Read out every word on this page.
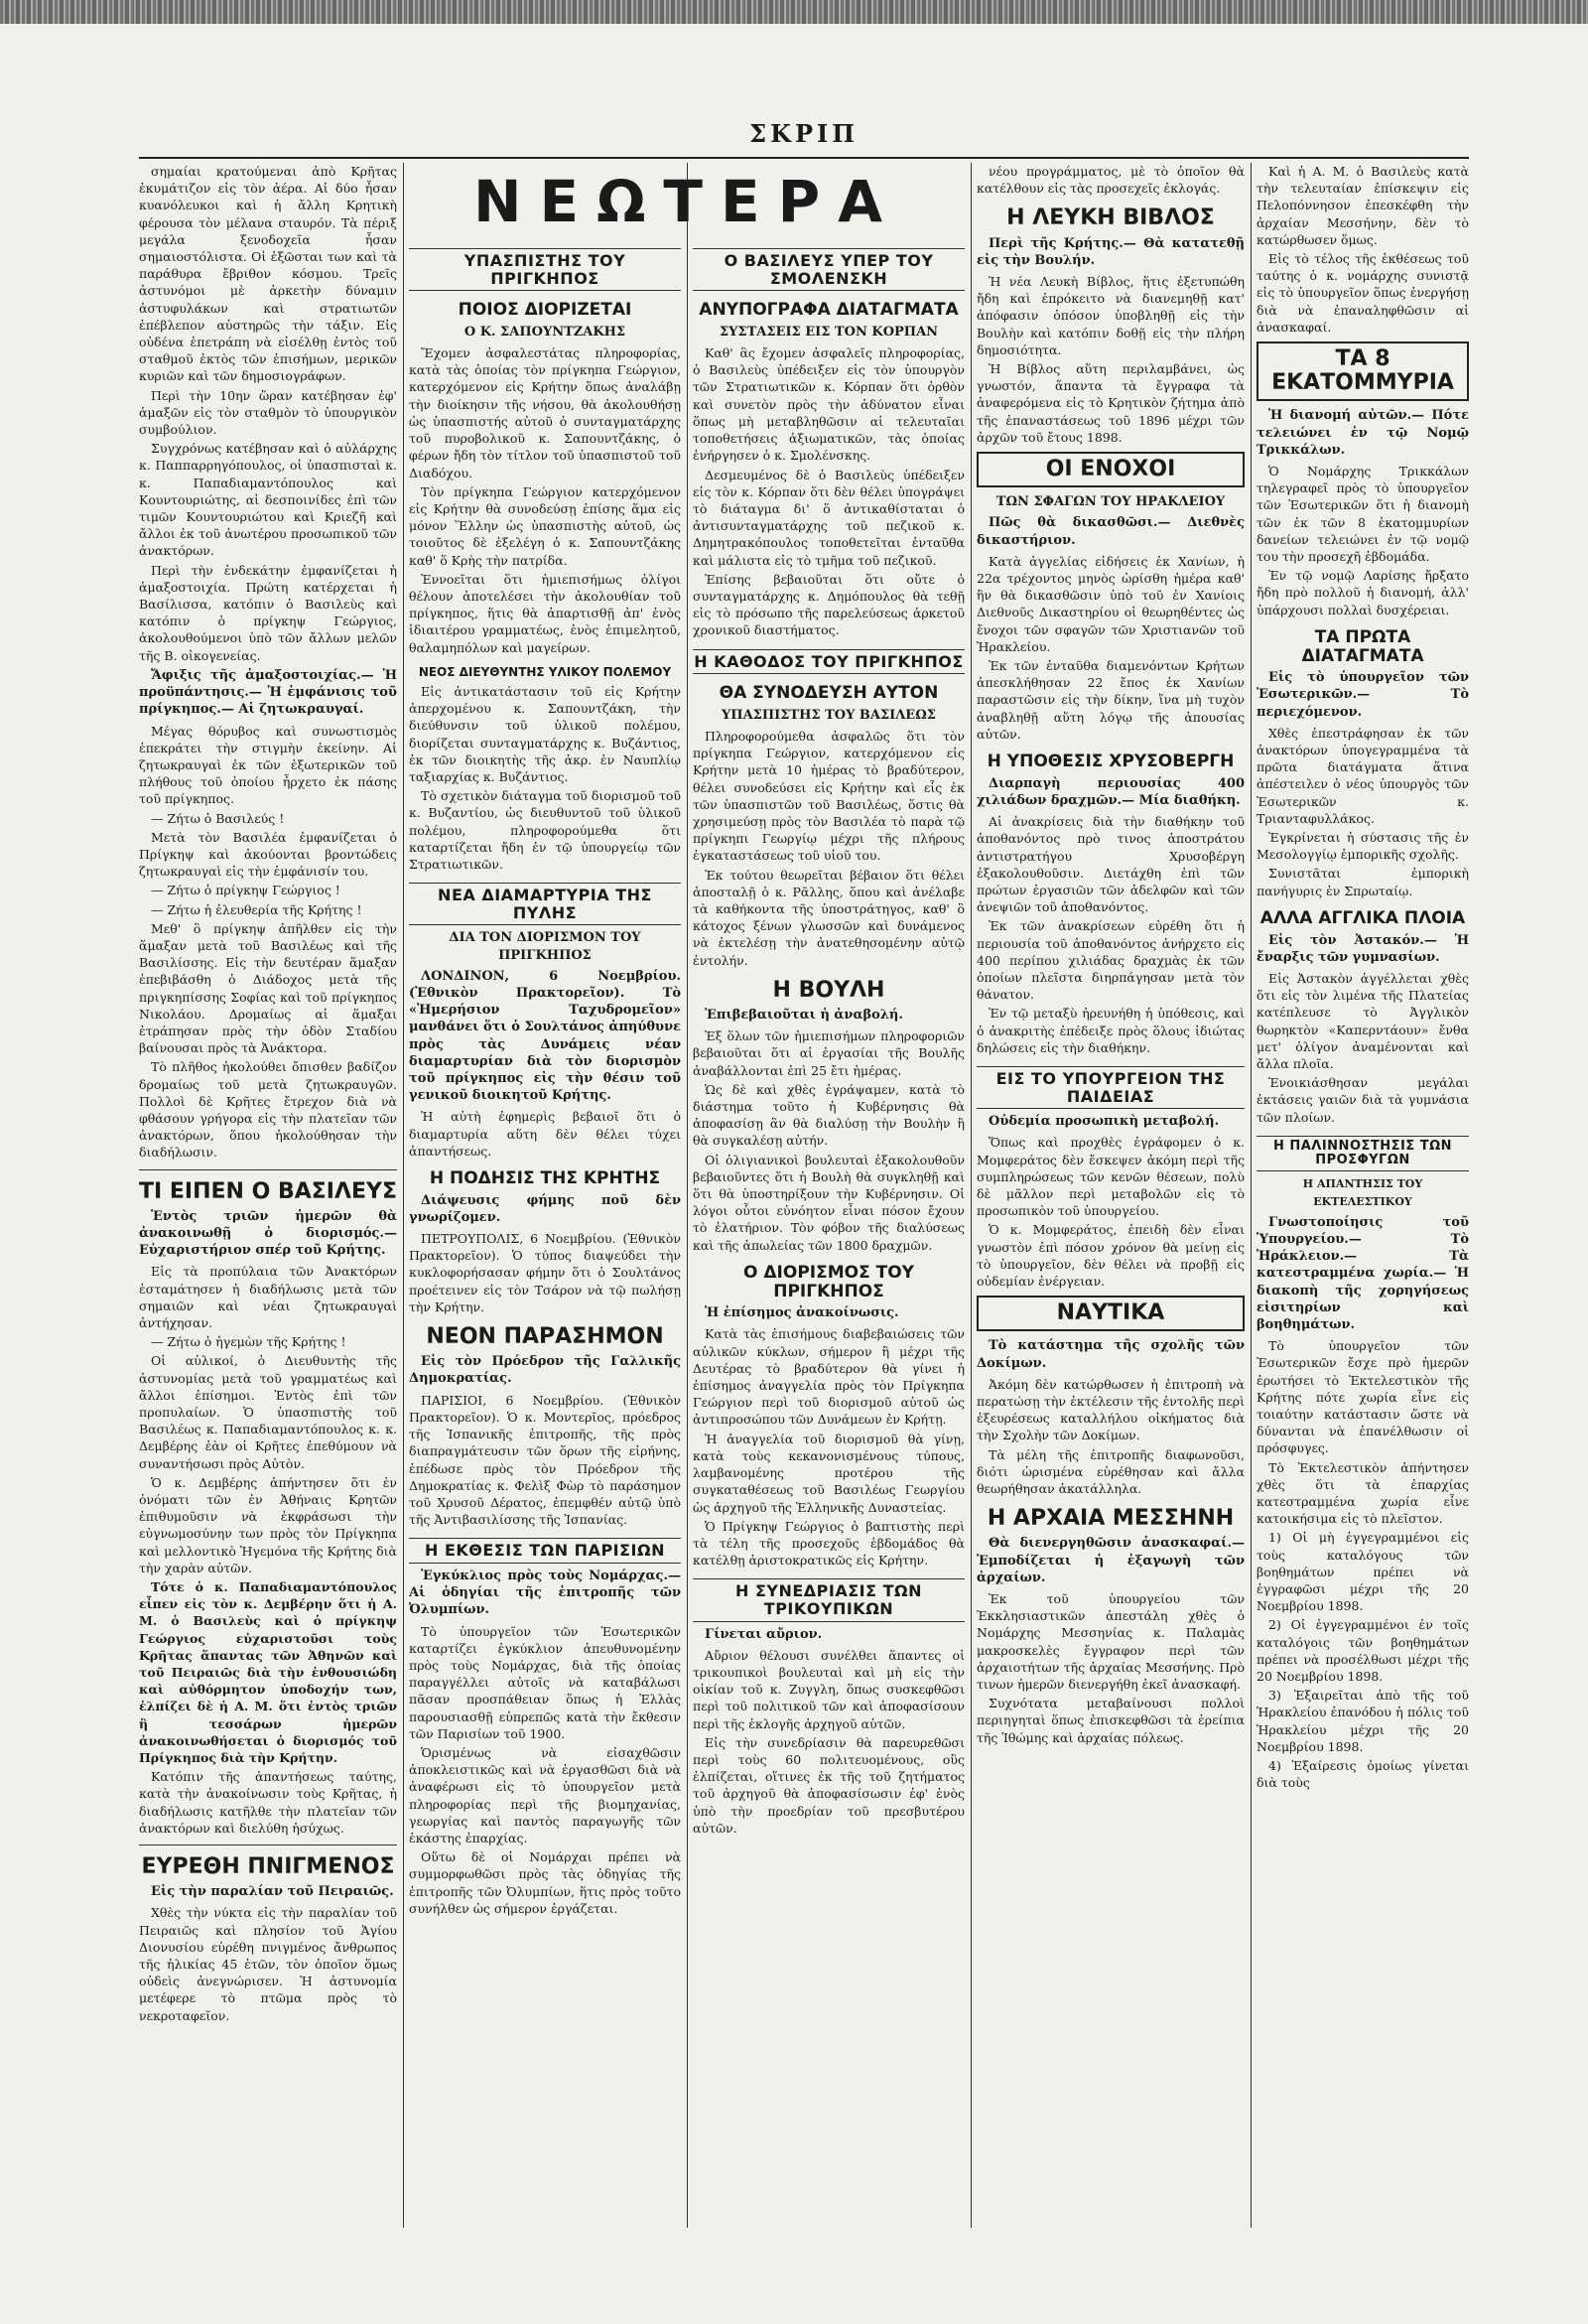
ΣΚΡΙΠ

σημαίαι κρατούμεναι ἀπὸ Κρῆτας ἐκυμάτιζον εἰς τὸν ἀέρα. Αἱ δύο ἦσαν κυανόλευκοι καὶ ἡ ἄλλη Κρητικὴ φέρουσα τὸν μέλανα σταυρόν. Τὰ πέριξ μεγάλα ξενοδοχεῖα ἦσαν σημαιοστόλιστα. Οἱ ἐξῶσται των καὶ τὰ παράθυρα ἔβριθον κόσμου. Τρεῖς ἀστυνόμοι μὲ ἀρκετὴν δύναμιν ἀστυφυλάκων καὶ στρατιωτῶν ἐπέβλεπον αὐστηρῶς τὴν τάξιν. Εἰς οὐδένα ἐπετράπη νὰ εἰσέλθῃ ἐντὸς τοῦ σταθμοῦ ἐκτὸς τῶν ἐπισήμων, μερικῶν κυριῶν καὶ τῶν δημοσιογράφων.

Περὶ τὴν 10ην ὥραν κατέβησαν ἐφ' ἁμαξῶν εἰς τὸν σταθμὸν τὸ ὑπουργικὸν συμβούλιον.

Συγχρόνως κατέβησαν καὶ ὁ αὐλάρχης κ. Παππαρρηγόπουλος, οἱ ὑπασπισταὶ κ. κ. Παπαδιαμαντόπουλος καὶ Κουντουριώτης, αἱ δεσποινίδες ἐπὶ τῶν τιμῶν Κουντουριώτου καὶ Κριεζῆ καὶ ἄλλοι ἐκ τοῦ ἀνωτέρου προσωπικοῦ τῶν ἀνακτόρων.

Περὶ τὴν ἐνδεκάτην ἐμφανίζεται ἡ ἁμαξοστοιχία. Πρώτη κατέρχεται ἡ Βασίλισσα, κατόπιν ὁ Βασιλεὺς καὶ κατόπιν ὁ πρίγκηψ Γεώργιος, ἀκολουθούμενοι ὑπὸ τῶν ἄλλων μελῶν τῆς Β. οἰκογενείας.

Ἄφιξις τῆς ἁμαξοστοιχίας.— Ἡ προϋπάντησις.— Ἡ ἐμφάνισις τοῦ πρίγκηπος.— Αἱ ζητωκραυγαί.

Μέγας θόρυβος καὶ συνωστισμὸς ἐπεκράτει τὴν στιγμὴν ἐκείνην. Αἱ ζητωκραυγαὶ ἐκ τῶν ἐξωτερικῶν τοῦ πλήθους τοῦ ὁποίου ἦρχετο ἐκ πάσης τοῦ πρίγκηπος.

— Ζήτω ὁ Βασιλεύς !

Μετὰ τὸν Βασιλέα ἐμφανίζεται ὁ Πρίγκηψ καὶ ἀκούονται βροντώδεις ζητωκραυγαὶ εἰς τὴν ἐμφάνισίν του.

— Ζήτω ὁ πρίγκηψ Γεώργιος !

— Ζήτω ἡ ἐλευθερία τῆς Κρήτης !

Μεθ' ὃ πρίγκηψ ἀπῆλθεν εἰς τὴν ἅμαξαν μετὰ τοῦ Βασιλέως καὶ τῆς Βασιλίσσης. Εἰς τὴν δευτέραν ἅμαξαν ἐπεβιβάσθη ὁ Διάδοχος μετὰ τῆς πριγκηπίσσης Σοφίας καὶ τοῦ πρίγκηπος Νικολάου. Δρομαίως αἱ ἅμαξαι ἐτράπησαν πρὸς τὴν ὁδὸν Σταδίου βαίνουσαι πρὸς τὰ Ἀνάκτορα.

Τὸ πλῆθος ἠκολούθει ὄπισθεν βαδίζον δρομαίως τοῦ μετὰ ζητωκραυγῶν. Πολλοὶ δὲ Κρῆτες ἔτρεχον διὰ νὰ φθάσουν γρήγορα εἰς τὴν πλατεῖαν τῶν ἀνακτόρων, ὅπου ἠκολούθησαν τὴν διαδήλωσιν.

ΤΙ ΕΙΠΕΝ Ο ΒΑΣΙΛΕΥΣ
Ἐντὸς τριῶν ἡμερῶν θὰ ἀνακοινωθῇ ὁ διορισμός.— Εὐχαριστήριον σπέρ τοῦ Κρήτης.

Εἰς τὰ προπύλαια τῶν Ἀνακτόρων ἐσταμάτησεν ἡ διαδήλωσις μετὰ τῶν σημαιῶν καὶ νέαι ζητωκραυγαὶ ἀντήχησαν.

— Ζήτω ὁ ἡγεμὼν τῆς Κρήτης !

Οἱ αὐλικοί, ὁ Διευθυντὴς τῆς ἀστυνομίας μετὰ τοῦ γραμματέως καὶ ἄλλοι ἐπίσημοι. Ἐντὸς ἐπὶ τῶν προπυλαίων. Ὁ ὑπασπιστὴς τοῦ Βασιλέως κ. Παπαδιαμαντόπουλος κ. κ. Δεμβέρης ἐὰν οἱ Κρῆτες ἐπεθύμουν νὰ συναντήσωσι πρὸς Αὐτὸν.

Ὁ κ. Δεμβέρης ἀπήντησεν ὅτι ἐν ὀνόματι τῶν ἐν Ἀθήναις Κρητῶν ἐπιθυμοῦσιν νὰ ἐκφράσωσι τὴν εὐγνωμοσύνην των πρὸς τὸν Πρίγκηπα καὶ μελλοντικὸ Ἡγεμόνα τῆς Κρήτης διὰ τὴν χαρὰν αὐτῶν.

Τότε ὁ κ. Παπαδιαμαντόπουλος εἶπεν εἰς τὸν κ. Δεμβέρην ὅτι ἡ Α. Μ. ὁ Βασιλεὺς καὶ ὁ πρίγκηψ Γεώργιος εὐχαριστοῦσι τοὺς Κρῆτας ἅπαντας τῶν Ἀθηνῶν καὶ τοῦ Πειραιῶς διὰ τὴν ἐνθουσιώδη καὶ αὐθόρμητον ὑποδοχήν των, ἐλπίζει δὲ ἡ Α. Μ. ὅτι ἐντὸς τριῶν ἢ τεσσάρων ἡμερῶν ἀνακοινωθήσεται ὁ διορισμός τοῦ Πρίγκηπος διὰ τὴν Κρήτην.

Κατόπιν τῆς ἀπαντήσεως ταύτης, κατὰ τὴν ἀνακοίνωσιν τοὺς Κρῆτας, ἡ διαδήλωσις κατῆλθε τὴν πλατεῖαν τῶν ἀνακτόρων καὶ διελύθη ἡσύχως.

ΕΥΡΕΘΗ ΠΝΙΓΜΕΝΟΣ
Εἰς τὴν παραλίαν τοῦ Πειραιῶς.

Χθὲς τὴν νύκτα εἰς τὴν παραλίαν τοῦ Πειραιῶς καὶ πλησίον τοῦ Ἁγίου Διονυσίου εὑρέθη πνιγμένος ἄνθρωπος τῆς ἡλικίας 45 ἐτῶν, τὸν ὁποῖον ὅμως οὐδεὶς ἀνεγνώρισεν. Ἡ ἀστυνομία μετέφερε τὸ πτῶμα πρὸς τὸ νεκροταφεῖον.

ΝΕΩΤΕΡΑ
ΥΠΑΣΠΙΣΤΗΣ ΤΟΥ ΠΡΙΓΚΗΠΟΣ
ΠΟΙΟΣ ΔΙΟΡΙΖΕΤΑΙ
Ο Κ. ΣΑΠΟΥΝΤΖΑΚΗΣ

Ἔχομεν ἀσφαλεστάτας πληροφορίας, κατὰ τὰς ὁποίας τὸν πρίγκηπα Γεώργιον, κατερχόμενον εἰς Κρήτην ὅπως ἀναλάβῃ τὴν διοίκησιν τῆς νήσου, θὰ ἀκολουθήσῃ ὡς ὑπασπιστής αὐτοῦ ὁ συνταγματάρχης τοῦ πυροβολικοῦ κ. Σαπουντζάκης, ὁ φέρων ἤδη τὸν τίτλον τοῦ ὑπασπιστοῦ τοῦ Διαδόχου.

Τὸν πρίγκηπα Γεώργιον κατερχόμενον εἰς Κρήτην θὰ συνοδεύσῃ ἐπίσης ἅμα εἰς μόνον Ἕλλην ὡς ὑπασπιστὴς αὐτοῦ, ὡς τοιοῦτος δὲ ἐξελέγη ὁ κ. Σαπουντζάκης καθ' ὅ Κρὴς τὴν πατρίδα.

Ἐννοεῖται ὅτι ἡμιεπισήμως ὀλίγοι θέλουν ἀποτελέσει τὴν ἀκολουθίαν τοῦ πρίγκηπος, ἥτις θὰ ἀπαρτισθῇ ἀπ' ἑνὸς ἰδιαιτέρου γραμματέως, ἑνὸς ἐπιμελητοῦ, θαλαμηπόλων καὶ μαγείρων.

ΝΕΟΣ ΔΙΕΥΘΥΝΤΗΣ ΥΛΙΚΟΥ ΠΟΛΕΜΟΥ

Εἰς ἀντικατάστασιν τοῦ εἰς Κρήτην ἀπερχομένου κ. Σαπουντζάκη, τὴν διεύθυνσιν τοῦ ὑλικοῦ πολέμου, διορίζεται συνταγματάρχης κ. Βυζάντιος, ἐκ τῶν διοικητὴς τῆς ἀκρ. ἐν Ναυπλίῳ ταξιαρχίας κ. Βυζάντιος.

Τὸ σχετικὸν διάταγμα τοῦ διορισμοῦ τοῦ κ. Βυζαντίου, ὡς διευθυντοῦ τοῦ ὑλικοῦ πολέμου, πληροφορούμεθα ὅτι καταρτίζεται ἤδη ἐν τῷ ὑπουργείῳ τῶν Στρατιωτικῶν.

ΝΕΑ ΔΙΑΜΑΡΤΥΡΙΑ ΤΗΣ ΠΥΛΗΣ
ΔΙΑ ΤΟΝ ΔΙΟΡΙΣΜΟΝ ΤΟΥ ΠΡΙΓΚΗΠΟΣ

ΛΟΝΔΙΝΟΝ, 6 Νοεμβρίου. (Ἐθνικὸν Πρακτορεῖον). Τὸ «Ἡμερήσιον Ταχυδρομεῖον» μανθάνει ὅτι ὁ Σουλτάνος ἀπηύθυνε πρὸς τὰς Δυνάμεις νέαν διαμαρτυρίαν διὰ τὸν διορισμὸν τοῦ πρίγκηπος εἰς τὴν θέσιν τοῦ γενικοῦ διοικητοῦ Κρήτης.

Ἡ αὐτὴ ἐφημερὶς βεβαιοῖ ὅτι ὁ διαμαρτυρία αὕτη δὲν θέλει τύχει ἀπαντήσεως.

Η ΠΟΔΗΣΙΣ ΤΗΣ ΚΡΗΤΗΣ
Διάψευσις φήμης ποῦ δὲν γνωρίζομεν.

ΠΕΤΡΟΥΠΟΛΙΣ, 6 Νοεμβρίου. (Ἐθνικὸν Πρακτορεῖον). Ὁ τύπος διαψεύδει τὴν κυκλοφορήσασαν φήμην ὅτι ὁ Σουλτάνος προέτεινεν εἰς τὸν Τσάρον νὰ τῷ πωλήσῃ τὴν Κρήτην.

ΝΕΟΝ ΠΑΡΑΣΗΜΟΝ
Εἰς τὸν Πρόεδρον τῆς Γαλλικῆς Δημοκρατίας.

ΠΑΡΙΣΙΟΙ, 6 Νοεμβρίου. (Ἐθνικὸν Πρακτορεῖον). Ὁ κ. Μοντερῖος, πρόεδρος τῆς Ἱσπανικῆς ἐπιτροπῆς, τῆς πρὸς διαπραγμάτευσιν τῶν ὅρων τῆς εἰρήνης, ἐπέδωσε πρὸς τὸν Πρόεδρον τῆς Δημοκρατίας κ. Φελὶξ Φὼρ τὸ παράσημον τοῦ Χρυσοῦ Δέρατος, ἐπεμφθέν αὐτῷ ὑπὸ τῆς Ἀντιβασιλίσσης τῆς Ἱσπανίας.

Η ΕΚΘΕΣΙΣ ΤΩΝ ΠΑΡΙΣΙΩΝ
Ἐγκύκλιος πρὸς τοὺς Νομάρχας.— Αἱ ὁδηγίαι τῆς ἐπιτροπῆς τῶν Ὀλυμπίων.

Τὸ ὑπουργεῖον τῶν Ἐσωτερικῶν καταρτίζει ἐγκύκλιον ἀπευθυνομένην πρὸς τοὺς Νομάρχας, διὰ τῆς ὁποίας παραγγέλλει αὐτοῖς νὰ καταβάλωσι πᾶσαν προσπάθειαν ὅπως ἡ Ἑλλὰς παρουσιασθῇ εὐπρεπῶς κατὰ τὴν ἔκθεσιν τῶν Παρισίων τοῦ 1900.

Ὁρισμένως νὰ εἰσαχθῶσιν ἀποκλειστικῶς καὶ νὰ ἐργασθῶσι διὰ νὰ ἀναφέρωσι εἰς τὸ ὑπουργεῖον μετὰ πληροφορίας περὶ τῆς βιομηχανίας, γεωργίας καὶ παντὸς παραγωγῆς τῶν ἑκάστης ἐπαρχίας.

Οὕτω δὲ οἱ Νομάρχαι πρέπει νὰ συμμορφωθῶσι πρὸς τὰς ὁδηγίας τῆς ἐπιτροπῆς τῶν Ὀλυμπίων, ἥτις πρὸς τοῦτο συνήλθεν ὡς σήμερον ἐργάζεται.

Ο ΒΑΣΙΛΕΥΣ ΥΠΕΡ ΤΟΥ ΣΜΟΛΕΝΣΚΗ
ΑΝΥΠΟΓΡΑΦΑ ΔΙΑΤΑΓΜΑΤΑ
ΣΥΣΤΑΣΕΙΣ ΕΙΣ ΤΟΝ ΚΟΡΠΑΝ

Καθ' ἃς ἔχομεν ἀσφαλεῖς πληροφορίας, ὁ Βασιλεὺς ὑπέδειξεν εἰς τὸν ὑπουργὸν τῶν Στρατιωτικῶν κ. Κόρπαν ὅτι ὀρθὸν καὶ συνετὸν πρὸς τὴν ἀδύνατον εἶναι ὅπως μὴ μεταβληθῶσιν αἱ τελευταῖαι τοποθετήσεις ἀξιωματικῶν, τὰς ὁποίας ἐνήργησεν ὁ κ. Σμολένσκης.

Δεσμευμένος δὲ ὁ Βασιλεὺς ὑπέδειξεν εἰς τὸν κ. Κόρπαν ὅτι δὲν θέλει ὑπογράψει τὸ διάταγμα δι' ὅ ἀντικαθίσταται ὁ ἀντισυνταγματάρχης τοῦ πεζικοῦ κ. Δημητρακόπουλος τοποθετεῖται ἐνταῦθα καὶ μάλιστα εἰς τὸ τμῆμα τοῦ πεζικοῦ.

Ἐπίσης βεβαιοῦται ὅτι οὔτε ὁ συνταγματάρχης κ. Δημόπουλος θὰ τεθῇ εἰς τὸ πρόσωπο τῆς παρελεύσεως ἀρκετοῦ χρονικοῦ διαστήματος.

Η ΚΑΘΟΔΟΣ ΤΟΥ ΠΡΙΓΚΗΠΟΣ
ΘΑ ΣΥΝΟΔΕΥΣΗ ΑΥΤΟΝ
ΥΠΑΣΠΙΣΤΗΣ ΤΟΥ ΒΑΣΙΛΕΩΣ

Πληροφορούμεθα ἀσφαλῶς ὅτι τὸν πρίγκηπα Γεώργιον, κατερχόμενον εἰς Κρήτην μετὰ 10 ἡμέρας τὸ βραδύτερον, θέλει συνοδεύσει εἰς Κρήτην καὶ εἷς ἐκ τῶν ὑπασπιστῶν τοῦ Βασιλέως, ὅστις θὰ χρησιμεύσῃ πρὸς τὸν Βασιλέα τὸ παρὰ τῷ πρίγκηπι Γεωργίῳ μέχρι τῆς πλήρους ἐγκαταστάσεως τοῦ υἱοῦ του.

Ἐκ τούτου θεωρεῖται βέβαιον ὅτι θέλει ἀποσταλῇ ὁ κ. Ρᾶλλης, ὅπου καὶ ἀνέλαβε τὰ καθήκοντα τῆς ὑποστράτηγος, καθ' ὃ κάτοχος ξένων γλωσσῶν καὶ δυνάμενος νὰ ἐκτελέσῃ τὴν ἀνατεθησομένην αὐτῷ ἐντολήν.

Η ΒΟΥΛΗ
Ἐπιβεβαιοῦται ἡ ἀναβολή.

Ἐξ ὅλων τῶν ἡμιεπισήμων πληροφοριῶν βεβαιοῦται ὅτι αἱ ἐργασίαι τῆς Βουλῆς ἀναβάλλονται ἐπὶ 25 ἔτι ἡμέρας.

Ὡς δὲ καὶ χθὲς ἐγράψαμεν, κατὰ τὸ διάστημα τοῦτο ἡ Κυβέρνησις θὰ ἀποφασίσῃ ἂν θὰ διαλύσῃ τὴν Βουλὴν ἢ θὰ συγκαλέσῃ αὐτήν.

Οἱ ὀλιγιανικοὶ βουλευταὶ ἐξακολουθοῦν βεβαιοῦντες ὅτι ἡ Βουλὴ θὰ συγκληθῇ καὶ ὅτι θὰ ὑποστηρίξουν τὴν Κυβέρνησιν. Οἱ λόγοι οὗτοι εὐνόητον εἶναι πόσον ἔχουν τὸ ἐλατήριον. Τὸν φόβον τῆς διαλύσεως καὶ τῆς ἀπωλείας τῶν 1800 δραχμῶν.

Ο ΔΙΟΡΙΣΜΟΣ ΤΟΥ ΠΡΙΓΚΗΠΟΣ
Ἡ ἐπίσημος ἀνακοίνωσις.

Κατὰ τὰς ἐπισήμους διαβεβαιώσεις τῶν αὐλικῶν κύκλων, σήμερον ἢ μέχρι τῆς Δευτέρας τὸ βραδύτερον θὰ γίνει ἡ ἐπίσημος ἀναγγελία πρὸς τὸν Πρίγκηπα Γεώργιον περὶ τοῦ διορισμοῦ αὐτοῦ ὡς ἀντιπροσώπου τῶν Δυνάμεων ἐν Κρήτῃ.

Ἡ ἀναγγελία τοῦ διορισμοῦ θὰ γίνῃ, κατὰ τοὺς κεκανονισμένους τύπους, λαμβανομένης προτέρου τῆς συγκαταθέσεως τοῦ Βασιλέως Γεωργίου ὡς ἀρχηγοῦ τῆς Ἑλληνικῆς Δυναστείας.

Ὁ Πρίγκηψ Γεώργιος ὁ βαπτιστὴς περὶ τὰ τέλη τῆς προσεχοῦς ἑβδομάδος θὰ κατέλθῃ ἀριστοκρατικῶς εἰς Κρήτην.

Η ΣΥΝΕΔΡΙΑΣΙΣ ΤΩΝ ΤΡΙΚΟΥΠΙΚΩΝ
Γίνεται αὔριον.

Αὔριον θέλουσι συνέλθει ἅπαντες οἱ τρικουπικοὶ βουλευταὶ καὶ μὴ εἰς τὴν οἰκίαν τοῦ κ. Ζυγγλη, ὅπως συσκεφθῶσι περὶ τοῦ πολιτικοῦ τῶν καὶ ἀποφασίσουν περὶ τῆς ἐκλογῆς ἀρχηγοῦ αὐτῶν.

Εἰς τὴν συνεδρίασιν θὰ παρευρεθῶσι περὶ τοὺς 60 πολιτευομένους, οὓς ἐλπίζεται, οἵτινες ἐκ τῆς τοῦ ζητήματος τοῦ ἀρχηγοῦ θὰ ἀποφασίσωσιν ἐφ' ἑνὸς ὑπὸ τὴν προεδρίαν τοῦ πρεσβυτέρου αὐτῶν.

νέου προγράμματος, μὲ τὸ ὁποῖον θὰ κατέλθουν εἰς τὰς προσεχεῖς ἐκλογάς.

Η ΛΕΥΚΗ ΒΙΒΛΟΣ
Περὶ τῆς Κρήτης.— Θὰ κατατεθῇ εἰς τὴν Βουλήν.

Ἡ νέα Λευκὴ Βίβλος, ἥτις ἐξετυπώθη ἤδη καὶ ἐπρόκειτο νὰ διανεμηθῇ κατ' ἀπόφασιν ὁπόσον ὑποβληθῇ εἰς τὴν Βουλὴν καὶ κατόπιν δοθῇ εἰς τὴν πλήρη δημοσιότητα.

Ἡ Βίβλος αὕτη περιλαμβάνει, ὡς γνωστόν, ἅπαντα τὰ ἔγγραφα τὰ ἀναφερόμενα εἰς τὸ Κρητικὸν ζήτημα ἀπὸ τῆς ἐπαναστάσεως τοῦ 1896 μέχρι τῶν ἀρχῶν τοῦ ἔτους 1898.

ΟΙ ΕΝΟΧΟΙ
ΤΩΝ ΣΦΑΓΩΝ ΤΟΥ ΗΡΑΚΛΕΙΟΥ
Πῶς θὰ δικασθῶσι.— Διεθνὲς δικαστήριον.

Κατὰ ἀγγελίας εἰδήσεις ἐκ Χανίων, ἡ 22α τρέχοντος μηνὸς ὡρίσθη ἡμέρα καθ' ἣν θὰ δικασθῶσιν ὑπὸ τοῦ ἐν Χανίοις Διεθνοῦς Δικαστηρίου οἱ θεωρηθέντες ὡς ἔνοχοι τῶν σφαγῶν τῶν Χριστιανῶν τοῦ Ἡρακλείου.

Ἐκ τῶν ἐνταῦθα διαμενόντων Κρήτων ἀπεσκλήθησαν 22 ἔπος ἐκ Χανίων παραστῶσιν εἰς τὴν δίκην, ἵνα μὴ τυχὸν ἀναβληθῇ αὕτη λόγῳ τῆς ἀπουσίας αὐτῶν.

Η ΥΠΟΘΕΣΙΣ ΧΡΥΣΟΒΕΡΓΗ
Διαρπαγὴ περιουσίας 400 χιλιάδων δραχμῶν.— Μία διαθήκη.

Αἱ ἀνακρίσεις διὰ τὴν διαθήκην τοῦ ἀποθανόντος πρὸ τινος ἀποστράτου ἀντιστρατήγου Χρυσοβέργη ἐξακολουθοῦσιν. Διετάχθη ἐπὶ τῶν πρώτων ἐργασιῶν τῶν ἀδελφῶν καὶ τῶν ἀνεψιῶν τοῦ ἀποθανόντος.

Ἐκ τῶν ἀνακρίσεων εὑρέθη ὅτι ἡ περιουσία τοῦ ἀποθανόντος ἀνήρχετο εἰς 400 περίπου χιλιάδας δραχμὰς ἐκ τῶν ὁποίων πλεῖστα διηρπάγησαν μετὰ τὸν θάνατον.

Ἐν τῷ μεταξὺ ἠρευνήθη ἡ ὑπόθεσις, καὶ ὁ ἀνακριτὴς ἐπέδειξε πρὸς ὅλους ἰδιώτας δηλώσεις εἰς τὴν διαθήκην.

ΕΙΣ ΤΟ ΥΠΟΥΡΓΕΙΟΝ ΤΗΣ ΠΑΙΔΕΙΑΣ
Οὐδεμία προσωπικὴ μεταβολή.

Ὅπως καὶ προχθὲς ἐγράφομεν ὁ κ. Μομφεράτος δὲν ἔσκεψεν ἀκόμη περὶ τῆς συμπληρώσεως τῶν κενῶν θέσεων, πολὺ δὲ μᾶλλον περὶ μεταβολῶν εἰς τὸ προσωπικὸν τοῦ ὑπουργείου.

Ὁ κ. Μομφεράτος, ἐπειδὴ δὲν εἶναι γνωστὸν ἐπὶ πόσον χρόνον θὰ μείνῃ εἰς τὸ ὑπουργεῖον, δὲν θέλει νὰ προβῇ εἰς οὐδεμίαν ἐνέργειαν.

ΝΑΥΤΙΚΑ
Τὸ κατάστημα τῆς σχολῆς τῶν Δοκίμων.

Ἀκόμη δὲν κατώρθωσεν ἡ ἐπιτροπὴ νὰ περατώσῃ τὴν ἐκτέλεσιν τῆς ἐντολῆς περὶ ἐξευρέσεως καταλλήλου οἰκήματος διὰ τὴν Σχολὴν τῶν Δοκίμων.

Τὰ μέλη τῆς ἐπιτροπῆς διαφωνοῦσι, διότι ὡρισμένα εὑρέθησαν καὶ ἄλλα θεωρήθησαν ἀκατάλληλα.

Η ΑΡΧΑΙΑ ΜΕΣΣΗΝΗ
Θὰ διενεργηθῶσιν ἀνασκαφαί.— Ἐμποδίζεται ἡ ἐξαγωγὴ τῶν ἀρχαίων.

Ἐκ τοῦ ὑπουργείου τῶν Ἐκκλησιαστικῶν ἀπεστάλη χθὲς ὁ Νομάρχης Μεσσηνίας κ. Παλαμὰς μακροσκελὲς ἔγγραφον περὶ τῶν ἀρχαιοτήτων τῆς ἀρχαίας Μεσσήνης. Πρὸ τινων ἡμερῶν διενεργήθη ἐκεῖ ἀνασκαφή.

Συχνότατα μεταβαίνουσι πολλοὶ περιηγηταὶ ὅπως ἐπισκεφθῶσι τὰ ἐρείπια τῆς Ἰθώμης καὶ ἀρχαίας πόλεως.

Καὶ ἡ Α. Μ. ὁ Βασιλεὺς κατὰ τὴν τελευταίαν ἐπίσκεψιν εἰς Πελοπόννησον ἐπεσκέφθη τὴν ἀρχαίαν Μεσσήνην, δὲν τὸ κατώρθωσεν ὅμως.

Εἰς τὸ τέλος τῆς ἐκθέσεως τοῦ ταύτης ὁ κ. νομάρχης συνιστᾷ εἰς τὸ ὑπουργεῖον ὅπως ἐνεργήσῃ διὰ νὰ ἐπαναληφθῶσιν αἱ ἀνασκαφαί.

ΤΑ 8 ΕΚΑΤΟΜΜΥΡΙΑ
Ἡ διανομή αὐτῶν.— Πότε τελειώνει ἐν τῷ Νομῷ Τρικκάλων.

Ὁ Νομάρχης Τρικκάλων τηλεγραφεῖ πρὸς τὸ ὑπουργεῖον τῶν Ἐσωτερικῶν ὅτι ἡ διανομὴ τῶν ἐκ τῶν 8 ἑκατομμυρίων δανείων τελειώνει ἐν τῷ νομῷ του τὴν προσεχῆ ἑβδομάδα.

Ἐν τῷ νομῷ Λαρίσης ἤρξατο ἤδη πρὸ πολλοῦ ἡ διανομή, ἀλλ' ὑπάρχουσι πολλαὶ δυσχέρειαι.

ΤΑ ΠΡΩΤΑ ΔΙΑΤΑΓΜΑΤΑ
Εἰς τὸ ὑπουργεῖον τῶν Ἐσωτερικῶν.— Τὸ περιεχόμενον.

Χθὲς ἐπεστράφησαν ἐκ τῶν ἀνακτόρων ὑπογεγραμμένα τὰ πρῶτα διατάγματα ἅτινα ἀπέστειλεν ὁ νέος ὑπουργὸς τῶν Ἐσωτερικῶν κ. Τριανταφυλλάκος.

Ἐγκρίνεται ἡ σύστασις τῆς ἐν Μεσολογγίῳ ἐμπορικῆς σχολῆς.

Συνιστᾶται ἐμπορικὴ πανήγυρις ἐν Σπρωταίῳ.

ΑΛΛΑ ΑΓΓΛΙΚΑ ΠΛΟΙΑ
Εἰς τὸν Ἀστακόν.— Ἡ ἔναρξις τῶν γυμνασίων.

Εἰς Ἀστακὸν ἀγγέλλεται χθὲς ὅτι εἰς τὸν λιμένα τῆς Πλατείας κατέπλευσε τὸ Ἀγγλικὸν θωρηκτὸν «Καπερντάουν» ἔνθα μετ' ὀλίγον ἀναμένονται καὶ ἄλλα πλοῖα.

Ἐνοικιάσθησαν μεγάλαι ἐκτάσεις γαιῶν διὰ τὰ γυμνάσια τῶν πλοίων.

Η ΠΑΛΙΝΝΟΣΤΗΣΙΣ ΤΩΝ ΠΡΟΣΦΥΓΩΝ
Η ΑΠΑΝΤΗΣΙΣ ΤΟΥ ΕΚΤΕΛΕΣΤΙΚΟΥ
Γνωστοποίησις τοῦ Ὑπουργείου.— Τὸ Ἡράκλειον.— Τὰ κατεστραμμένα χωρία.— Ἡ διακοπὴ τῆς χορηγήσεως εἰσιτηρίων καὶ βοηθημάτων.

Τὸ ὑπουργεῖον τῶν Ἐσωτερικῶν ἔσχε πρὸ ἡμερῶν ἐρωτήσει τὸ Ἐκτελεστικὸν τῆς Κρήτης πότε χωρία εἶνε εἰς τοιαύτην κατάστασιν ὥστε νὰ δύνανται νὰ ἐπανέλθωσιν οἱ πρόσφυγες.

Τὸ Ἐκτελεστικὸν ἀπήντησεν χθὲς ὅτι τὰ ἐπαρχίας κατεστραμμένα χωρία εἶνε κατοικήσιμα εἰς τὸ πλεῖστον.

1) Οἱ μὴ ἐγγεγραμμένοι εἰς τοὺς καταλόγους τῶν βοηθημάτων πρέπει νὰ ἐγγραφῶσι μέχρι τῆς 20 Νοεμβρίου 1898.

2) Οἱ ἐγγεγραμμένοι ἐν τοῖς καταλόγοις τῶν βοηθημάτων πρέπει νὰ προσέλθωσι μέχρι τῆς 20 Νοεμβρίου 1898.

3) Ἐξαιρεῖται ἀπὸ τῆς τοῦ Ἡρακλείου ἐπανόδου ἡ πόλις τοῦ Ἡρακλείου μέχρι τῆς 20 Νοεμβρίου 1898.

4) Ἐξαίρεσις ὁμοίως γίνεται διὰ τοὺς
